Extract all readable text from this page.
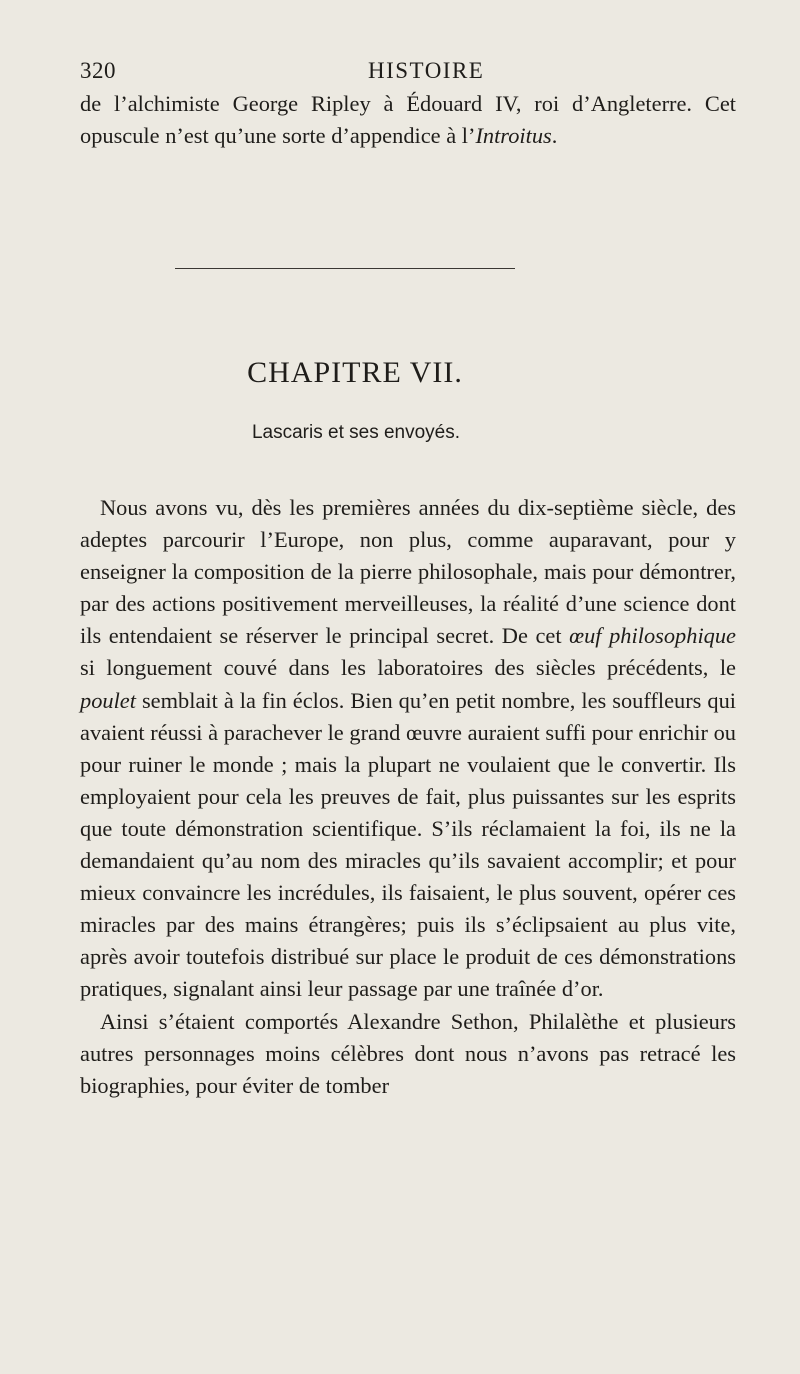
320	HISTOIRE

de l’alchimiste George Ripley à Édouard IV, roi d’Angleterre. Cet opuscule n’est qu’une sorte d’appendice à l’Introitus.

CHAPITRE VII.
Lascaris et ses envoyés.

Nous avons vu, dès les premières années du dix-septième siècle, des adeptes parcourir l’Europe, non plus, comme auparavant, pour y enseigner la composition de la pierre philosophale, mais pour démontrer, par des actions positivement merveilleuses, la réalité d’une science dont ils entendaient se réserver le principal secret. De cet œuf philosophique si longuement couvé dans les laboratoires des siècles précédents, le poulet semblait à la fin éclos. Bien qu’en petit nombre, les souffleurs qui avaient réussi à parachever le grand œuvre auraient suffi pour enrichir ou pour ruiner le monde ; mais la plupart ne voulaient que le convertir. Ils employaient pour cela les preuves de fait, plus puissantes sur les esprits que toute démonstration scientifique. S’ils réclamaient la foi, ils ne la demandaient qu’au nom des miracles qu’ils savaient accomplir; et pour mieux convaincre les incrédules, ils faisaient, le plus souvent, opérer ces miracles par des mains étrangères; puis ils s’éclipsaient au plus vite, après avoir toutefois distribué sur place le produit de ces démonstrations pratiques, signalant ainsi leur passage par une traînée d’or.

Ainsi s’étaient comportés Alexandre Sethon, Philalèthe et plusieurs autres personnages moins célèbres dont nous n’avons pas retracé les biographies, pour éviter de tomber
